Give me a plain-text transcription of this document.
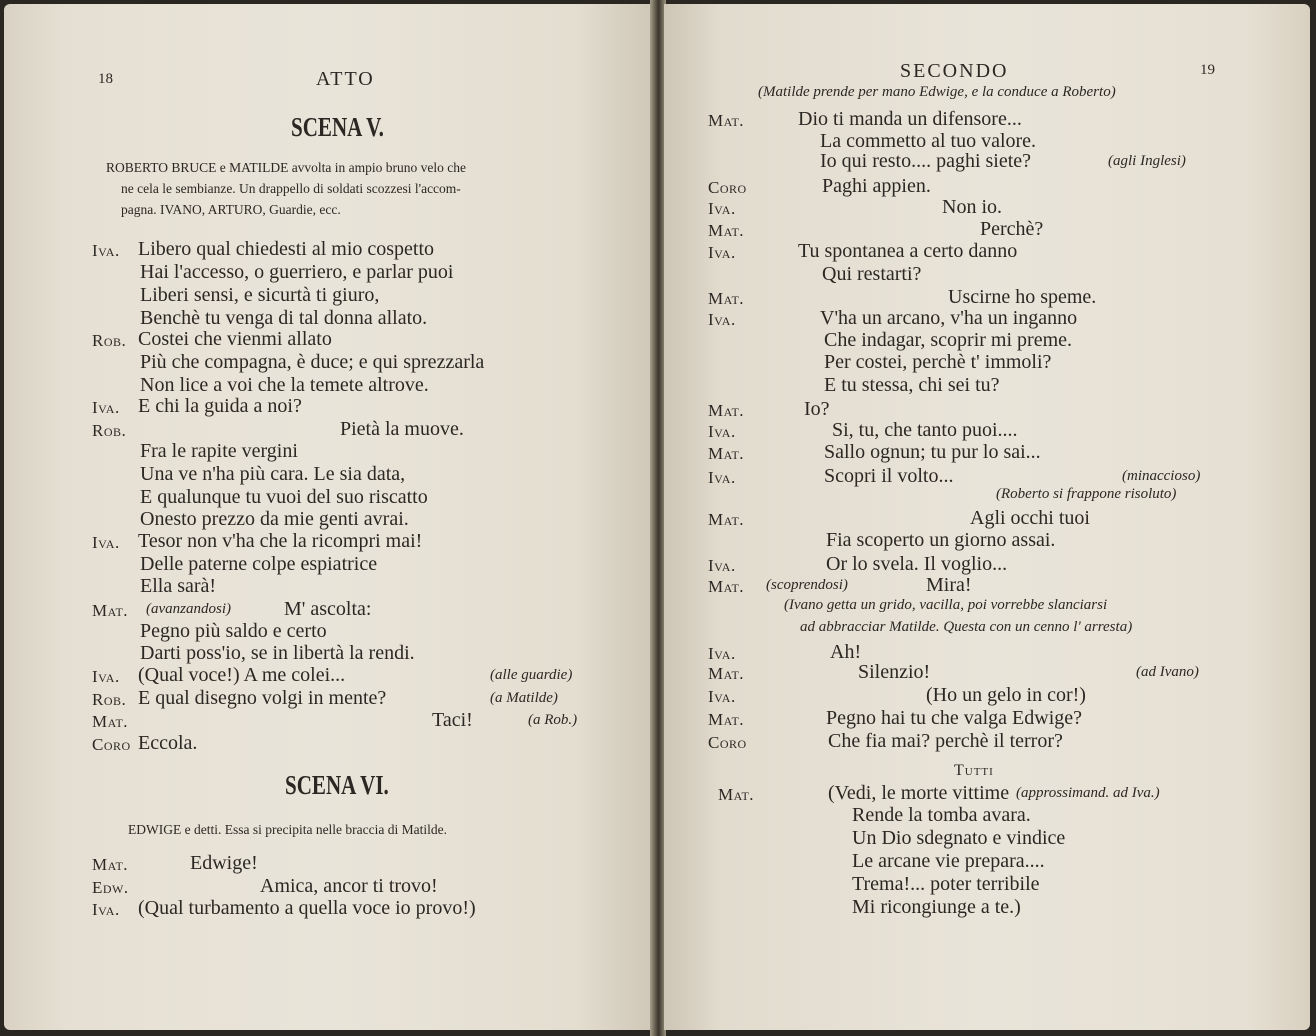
18	ATTO
SCENA V.
ROBERTO BRUCE e MATILDE avvolta in ampio bruno velo che
ne cela le sembianze. Un drappello di soldati scozzesi l'accom-
pagna. IVANO, ARTURO, Guardie, ecc.
Iva. Libero qual chiedesti al mio cospetto
Hai l'accesso, o guerriero, e parlar puoi
Liberi sensi, e sicurtà ti giuro,
Benchè tu venga di tal donna allato.
Rob. Costei che vienmi allato
Più che compagna, è duce; e qui sprezzarla
Non lice a voi che la temete altrove.
Iva. E chi la guida a noi?
Rob.	Pietà la muove.
Fra le rapite vergini
Una ve n'ha più cara. Le sia data,
E qualunque tu vuoi del suo riscatto
Onesto prezzo da mie genti avrai.
Iva. Tesor non v'ha che la ricompri mai!
Delle paterne colpe espiatrice
Ella sarà!
Mat. (avanzandosi)	M' ascolta:
Pegno più saldo e certo
Darti poss'io, se in libertà la rendi.
Iva. (Qual voce!) A me colei...	(alle guardie)
Rob. E qual disegno volgi in mente?	(a Matilde)
Mat.	Taci!	(a Rob.)
Coro Eccola.
SCENA VI.
EDWIGE e detti. Essa si precipita nelle braccia di Matilde.
Mat.	Edwige!
Edw.	Amica, ancor ti trovo!
Iva. (Qual turbamento a quella voce io provo!)
SECONDO	19
(Matilde prende per mano Edwige, e la conduce a Roberto)
Mat.	Dio ti manda un difensore...
La commetto al tuo valore.
Io qui resto.... paghi siete?	(agli Inglesi)
Coro	Paghi appien.
Iva.	Non io.
Mat.	Perchè?
Iva.	Tu spontanea a certo danno
Qui restarti?
Mat.	Uscirne ho speme.
Iva.	V'ha un arcano, v'ha un inganno
Che indagar, scoprir mi preme.
Per costei, perchè t' immoli?
E tu stessa, chi sei tu?
Mat.	Io?
Iva.	Si, tu, che tanto puoi....
Mat.	Sallo ognun; tu pur lo sai...
Iva.	Scopri il volto...	(minaccioso)
(Roberto si frappone risoluto)
Mat.	Agli occhi tuoi
Fia scoperto un giorno assai.
Iva.	Or lo svela. Il voglio...
Mat. (scoprendosi)	Mira!
(Ivano getta un grido, vacilla, poi vorrebbe slanciarsi
ad abbracciar Matilde. Questa con un cenno l' arresta)
Iva.	Ah!
Mat.	Silenzio!	(ad Ivano)
Iva.	(Ho un gelo in cor!)
Mat.	Pegno hai tu che valga Edwige?
Coro	Che fia mai? perchè il terror?
Tutti
Mat.	(Vedi, le morte vittime (approssimand. ad Iva.)
Rende la tomba avara.
Un Dio sdegnato e vindice
Le arcane vie prepara....
Trema!... poter terribile
Mi ricongiunge a te.)
